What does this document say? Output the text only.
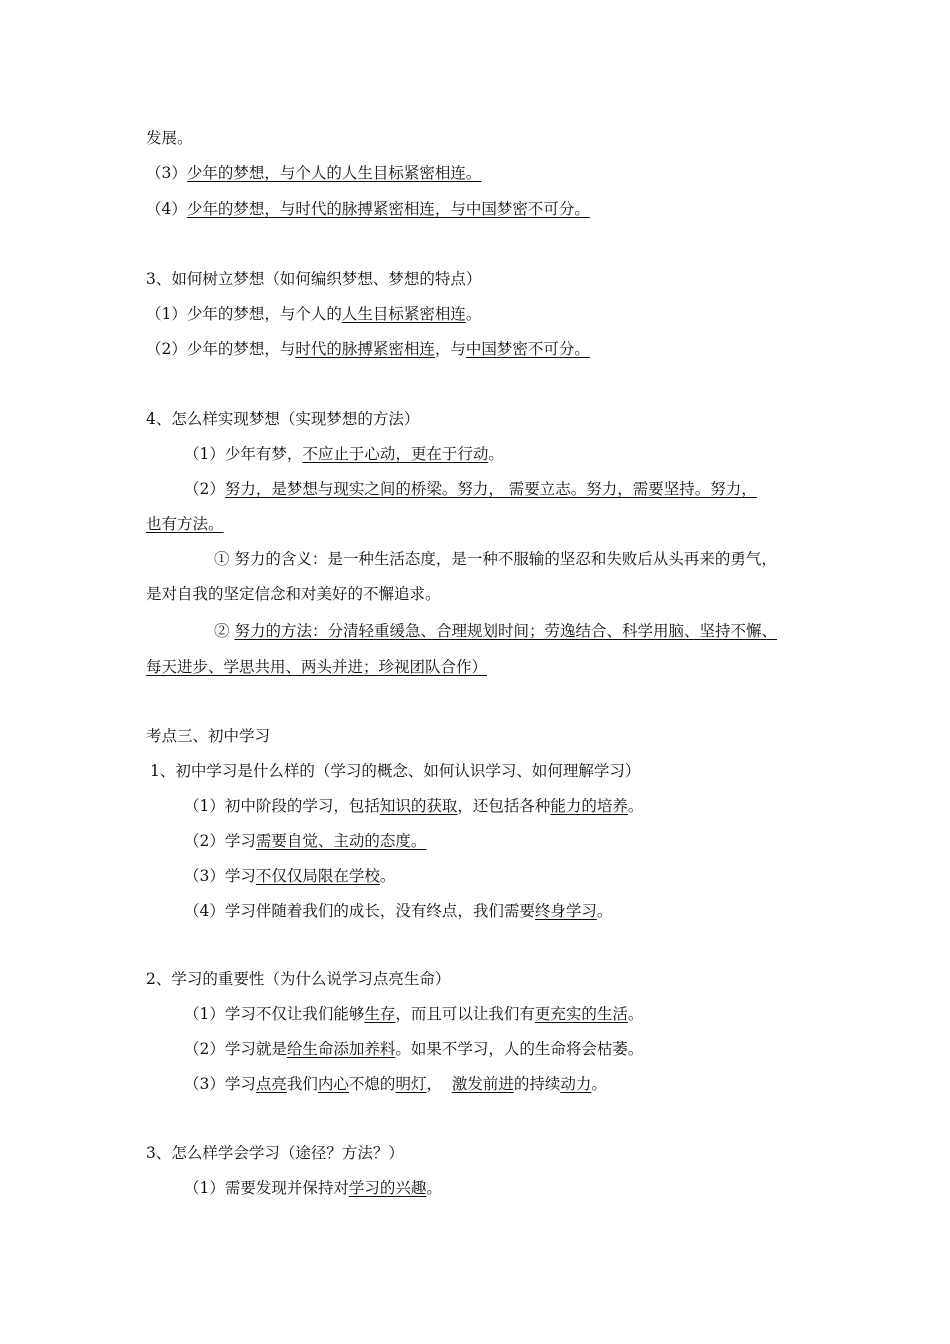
发展。
（3）少年的梦想，与个人的人生目标紧密相连。
（4）少年的梦想，与时代的脉搏紧密相连，与中国梦密不可分。
3、如何树立梦想（如何编织梦想、梦想的特点）
（1）少年的梦想，与个人的人生目标紧密相连。
（2）少年的梦想，与时代的脉搏紧密相连，与中国梦密不可分。
4、怎么样实现梦想（实现梦想的方法）
（1）少年有梦，不应止于心动，更在于行动。
（2）努力，是梦想与现实之间的桥梁。努力， 需要立志。努力，需要坚持。努力，
也有方法。
① 努力的含义：是一种生活态度，是一种不服输的坚忍和失败后从头再来的勇气，
是对自我的坚定信念和对美好的不懈追求。
② 努力的方法：分清轻重缓急、合理规划时间；劳逸结合、科学用脑、坚持不懈、
每天进步、学思共用、两头并进；珍视团队合作）
考点三、初中学习
1、初中学习是什么样的（学习的概念、如何认识学习、如何理解学习）
（1）初中阶段的学习，包括知识的获取，还包括各种能力的培养。
（2）学习需要自觉、主动的态度。
（3）学习不仅仅局限在学校。
（4）学习伴随着我们的成长，没有终点，我们需要终身学习。
2、学习的重要性（为什么说学习点亮生命）
（1）学习不仅让我们能够生存，而且可以让我们有更充实的生活。
（2）学习就是给生命添加养料。如果不学习，人的生命将会枯萎。
（3）学习点亮我们内心不熄的明灯，  激发前进的持续动力。
3、怎么样学会学习（途径？方法？）
（1）需要发现并保持对学习的兴趣。
